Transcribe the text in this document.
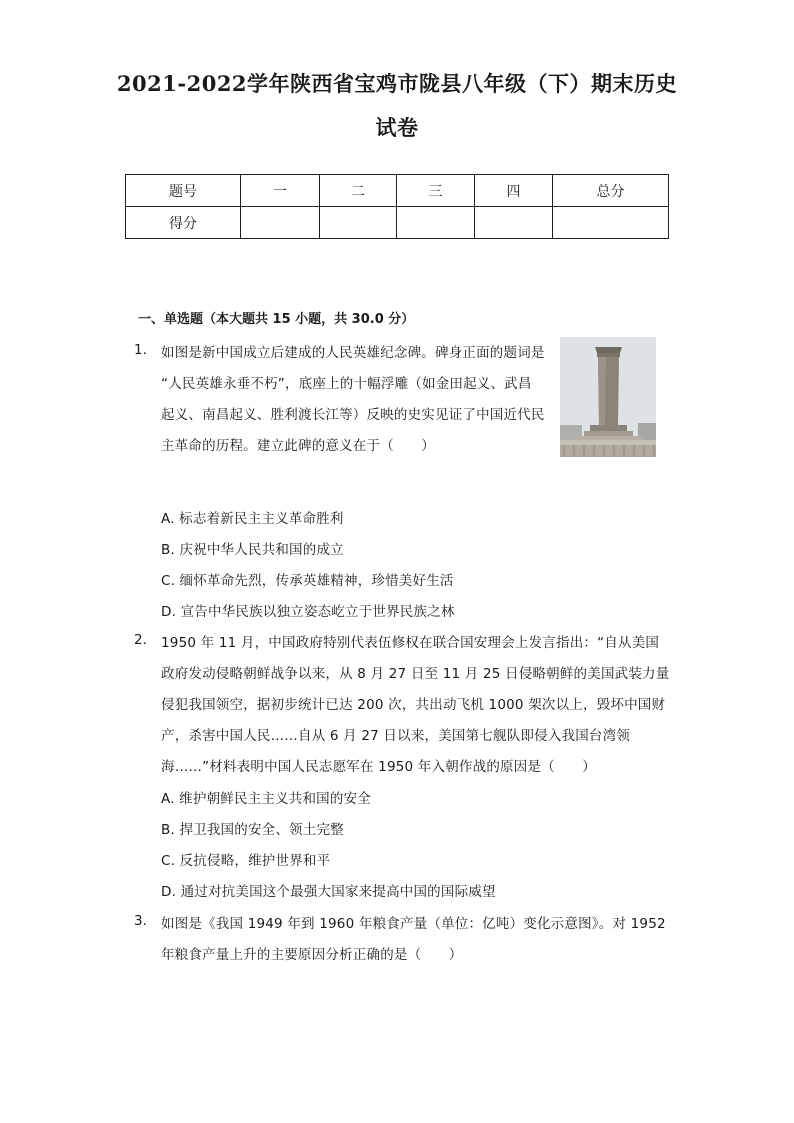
2021-2022学年陕西省宝鸡市陇县八年级（下）期末历史
试卷
题号	一	二	三	四	总分
得分					
一、单选题（本大题共 15 小题，共 30.0 分）
1. 如图是新中国成立后建成的人民英雄纪念碑。碑身正面的题词是
“人民英雄永垂不朽”，底座上的十幅浮雕（如金田起义、武昌
起义、南昌起义、胜利渡长江等）反映的史实见证了中国近代民
主革命的历程。建立此碑的意义在于（　　）
A. 标志着新民主主义革命胜利
B. 庆祝中华人民共和国的成立
C. 缅怀革命先烈，传承英雄精神，珍惜美好生活
D. 宣告中华民族以独立姿态屹立于世界民族之林
2. 1950 年 11 月，中国政府特别代表伍修权在联合国安理会上发言指出：“自从美国
政府发动侵略朝鲜战争以来，从 8 月 27 日至 11 月 25 日侵略朝鲜的美国武装力量
侵犯我国领空，据初步统计已达 200 次，共出动飞机 1000 架次以上，毁坏中国财
产，杀害中国人民……自从 6 月 27 日以来，美国第七舰队即侵入我国台湾领
海……”材料表明中国人民志愿军在 1950 年入朝作战的原因是（　　）
A. 维护朝鲜民主主义共和国的安全
B. 捍卫我国的安全、领土完整
C. 反抗侵略，维护世界和平
D. 通过对抗美国这个最强大国家来提高中国的国际威望
3. 如图是《我国 1949 年到 1960 年粮食产量（单位：亿吨）变化示意图》。对 1952
年粮食产量上升的主要原因分析正确的是（　　）
